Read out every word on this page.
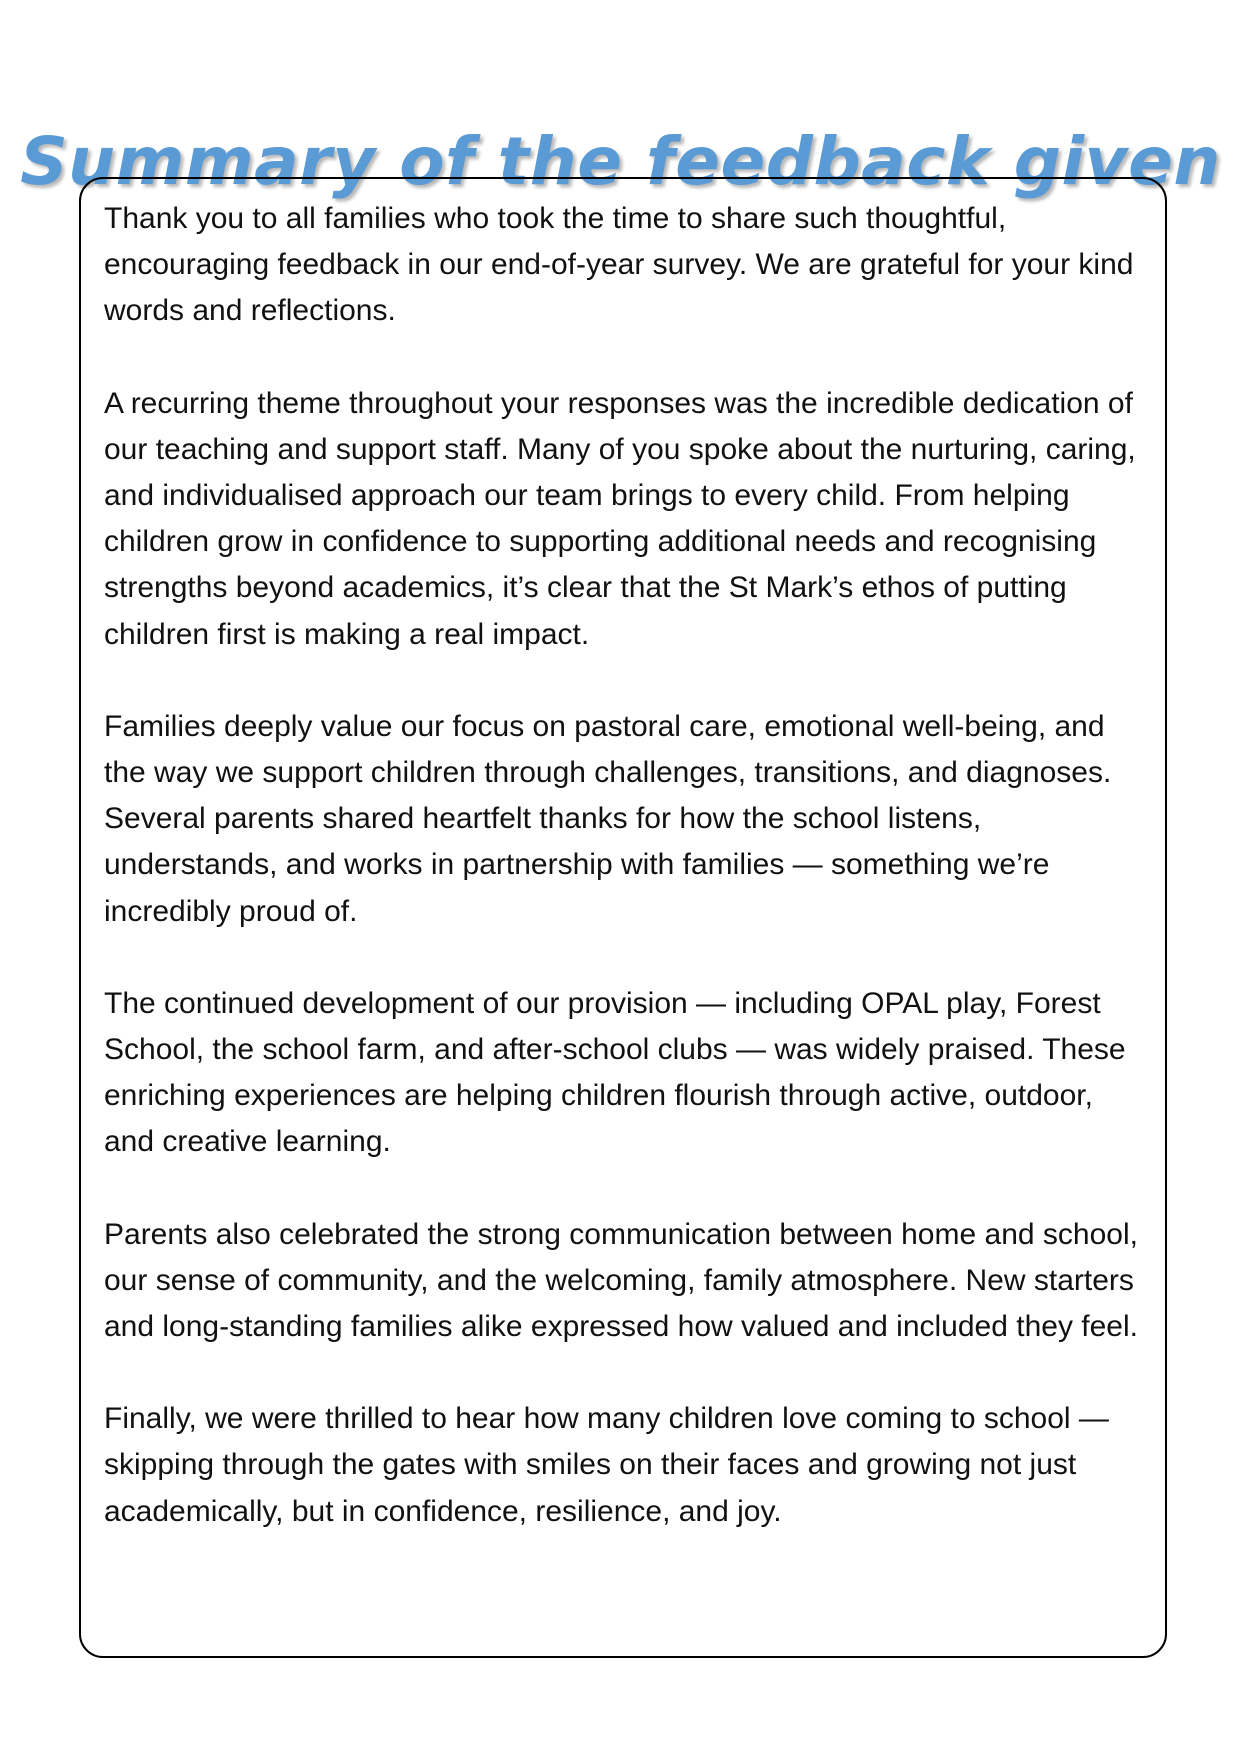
Summary of the feedback given

Thank you to all families who took the time to share such thoughtful, encouraging feedback in our end-of-year survey. We are grateful for your kind words and reflections.

A recurring theme throughout your responses was the incredible dedication of our teaching and support staff. Many of you spoke about the nurturing, caring, and individualised approach our team brings to every child. From helping children grow in confidence to supporting additional needs and recognising strengths beyond academics, it’s clear that the St Mark’s ethos of putting children first is making a real impact.

Families deeply value our focus on pastoral care, emotional well-being, and the way we support children through challenges, transitions, and diagnoses. Several parents shared heartfelt thanks for how the school listens, understands, and works in partnership with families — something we’re incredibly proud of.

The continued development of our provision — including OPAL play, Forest School, the school farm, and after-school clubs — was widely praised. These enriching experiences are helping children flourish through active, outdoor, and creative learning.

Parents also celebrated the strong communication between home and school, our sense of community, and the welcoming, family atmosphere. New starters and long-standing families alike expressed how valued and included they feel.

Finally, we were thrilled to hear how many children love coming to school — skipping through the gates with smiles on their faces and growing not just academically, but in confidence, resilience, and joy.
